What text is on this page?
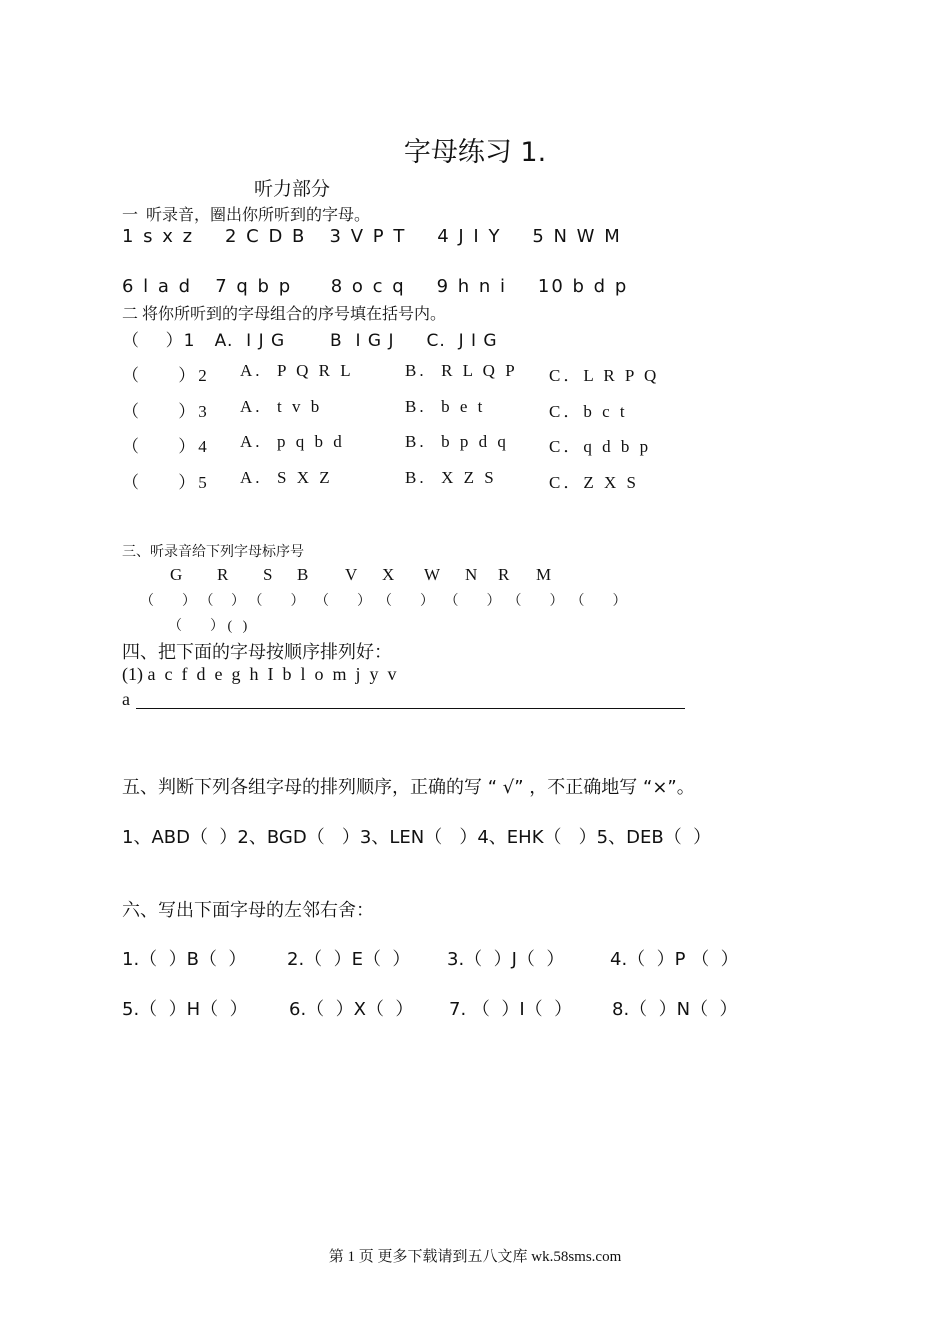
字母练习 1.
听力部分
一  听录音，圈出你所听到的字母。
1 s x z    2 C D B   3 V P T    4 J I Y    5 N W M
6 l a d   7 q b p     8 o c q    9 h n i    10 b d p
二 将你所听到的字母组合的序号填在括号内。
（    ）1   A.  I J G       B  I G J     C.  J I G
（     ）2 A.  P Q R L	B.  R L Q P C．L R P Q
（     ）3 A.  t v b	B.  b e t	C．b c t
（     ）4 A.  p q b d	B.  b p d q C．q d b p
（     ）5 A.  S X Z	B.  X Z S	C．Z X S
三、听录音给下列字母标序号
G R S B V X W N R M
（        ） （     ） （        ）   （        ）  （        ）   （        ）  （        ）  （        ）
（        ） (   )
四、把下面的字母按顺序排列好：
(1) a  c  f  d  e  g  h  I  b  l  o  m  j  y  v
a
五、判断下列各组字母的排列顺序，正确的写 “ √” ，不正确地写 “×”。
1、ABD（  ）2、BGD（   ）3、LEN（   ）4、EHK（   ）5、DEB（  ）
六、写出下面字母的左邻右舍：
1.（  ）B（  ） 2.（  ）E（  ） 3.（  ）J（  ）	4.（  ）P （  ）
5.（  ）H（  ） 6.（  ）X（  ） 7. （  ）I（  ） 8.（  ）N（  ）
第 1 页 更多下载请到五八文库 wk.58sms.com
